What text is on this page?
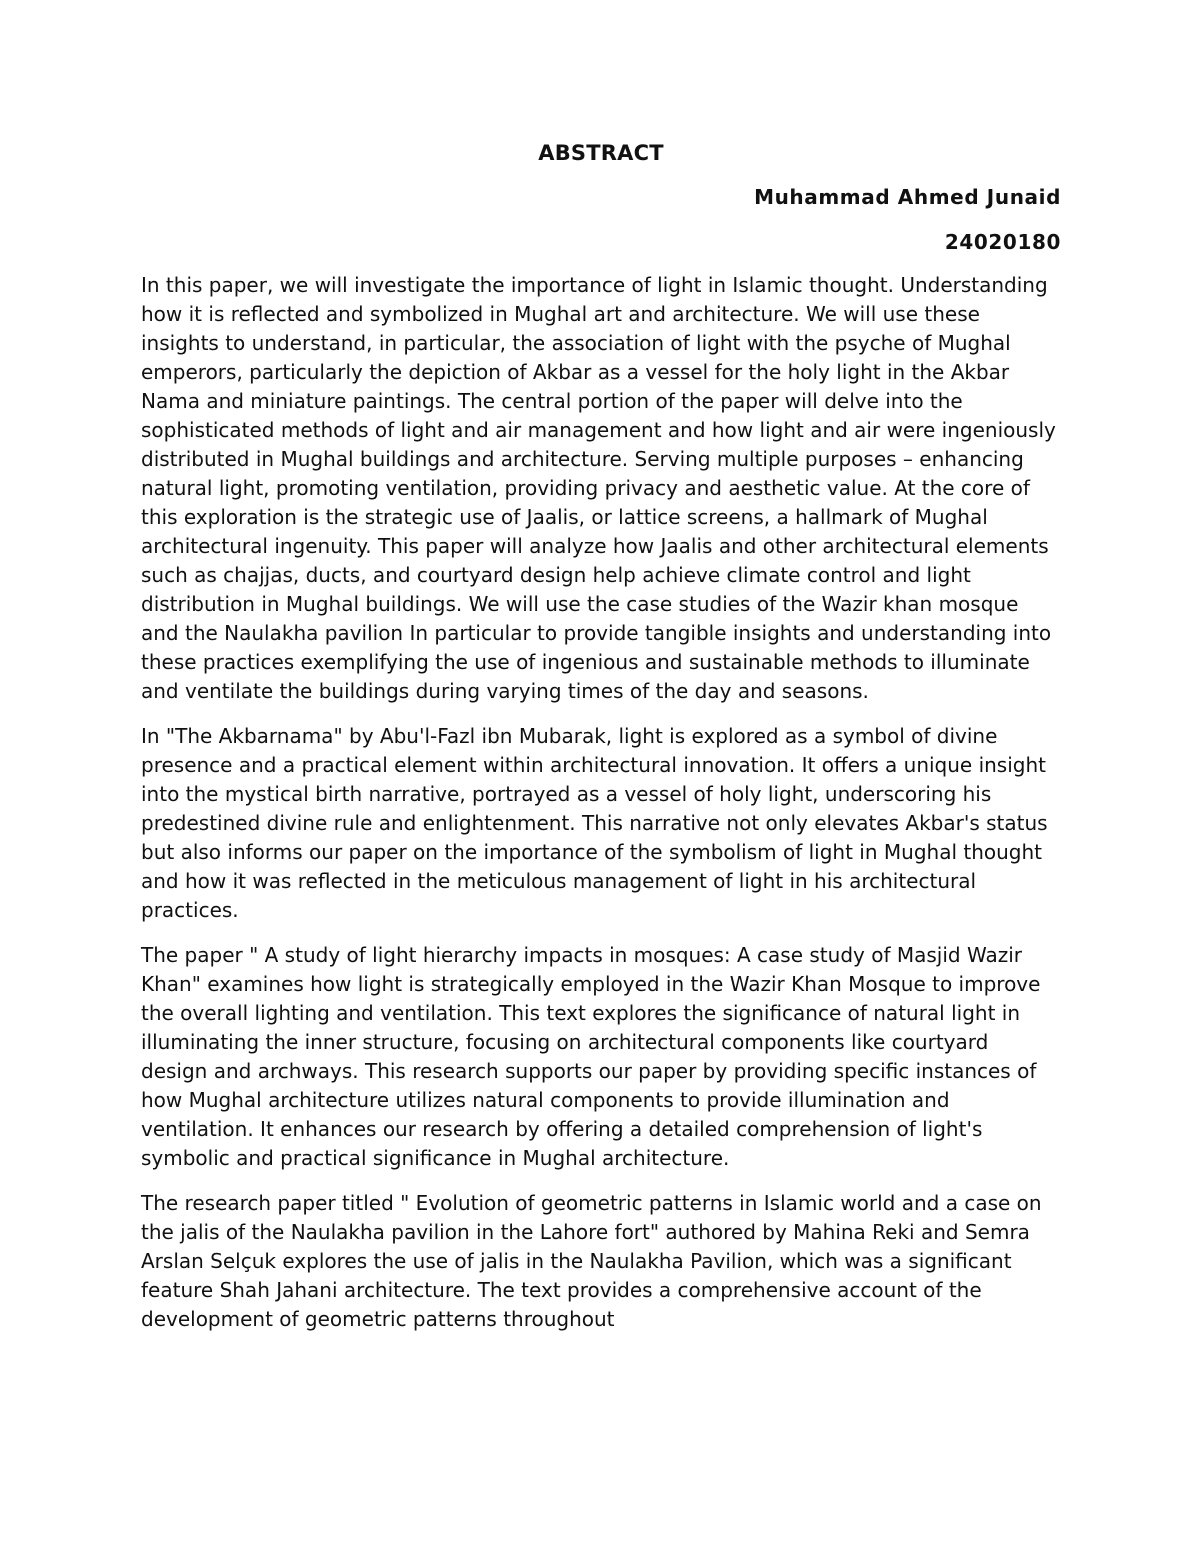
ABSTRACT

Muhammad Ahmed Junaid

24020180

In this paper, we will investigate the importance of light in Islamic thought. Understanding how it is reflected and symbolized in Mughal art and architecture. We will use these insights to understand, in particular, the association of light with the psyche of Mughal emperors, particularly the depiction of Akbar as a vessel for the holy light in the Akbar Nama and miniature paintings. The central portion of the paper will delve into the sophisticated methods of light and air management and how light and air were ingeniously distributed in Mughal buildings and architecture. Serving multiple purposes – enhancing natural light, promoting ventilation, providing privacy and aesthetic value. At the core of this exploration is the strategic use of Jaalis, or lattice screens, a hallmark of Mughal architectural ingenuity. This paper will analyze how Jaalis and other architectural elements such as chajjas, ducts, and courtyard design help achieve climate control and light distribution in Mughal buildings. We will use the case studies of the Wazir khan mosque and the Naulakha pavilion In particular to provide tangible insights and understanding into these practices exemplifying the use of ingenious and sustainable methods to illuminate and ventilate the buildings during varying times of the day and seasons.

In "The Akbarnama" by Abu'l-Fazl ibn Mubarak, light is explored as a symbol of divine presence and a practical element within architectural innovation. It offers a unique insight into the mystical birth narrative, portrayed as a vessel of holy light, underscoring his predestined divine rule and enlightenment. This narrative not only elevates Akbar's status but also informs our paper on the importance of the symbolism of light in Mughal thought and how it was reflected in the meticulous management of light in his architectural practices.

The paper " A study of light hierarchy impacts in mosques: A case study of Masjid Wazir Khan" examines how light is strategically employed in the Wazir Khan Mosque to improve the overall lighting and ventilation. This text explores the significance of natural light in illuminating the inner structure, focusing on architectural components like courtyard design and archways. This research supports our paper by providing specific instances of how Mughal architecture utilizes natural components to provide illumination and ventilation. It enhances our research by offering a detailed comprehension of light's symbolic and practical significance in Mughal architecture.

The research paper titled " Evolution of geometric patterns in Islamic world and a case on the jalis of the Naulakha pavilion in the Lahore fort" authored by Mahina Reki and Semra Arslan Selçuk explores the use of jalis in the Naulakha Pavilion, which was a significant feature Shah Jahani architecture. The text provides a comprehensive account of the development of geometric patterns throughout
